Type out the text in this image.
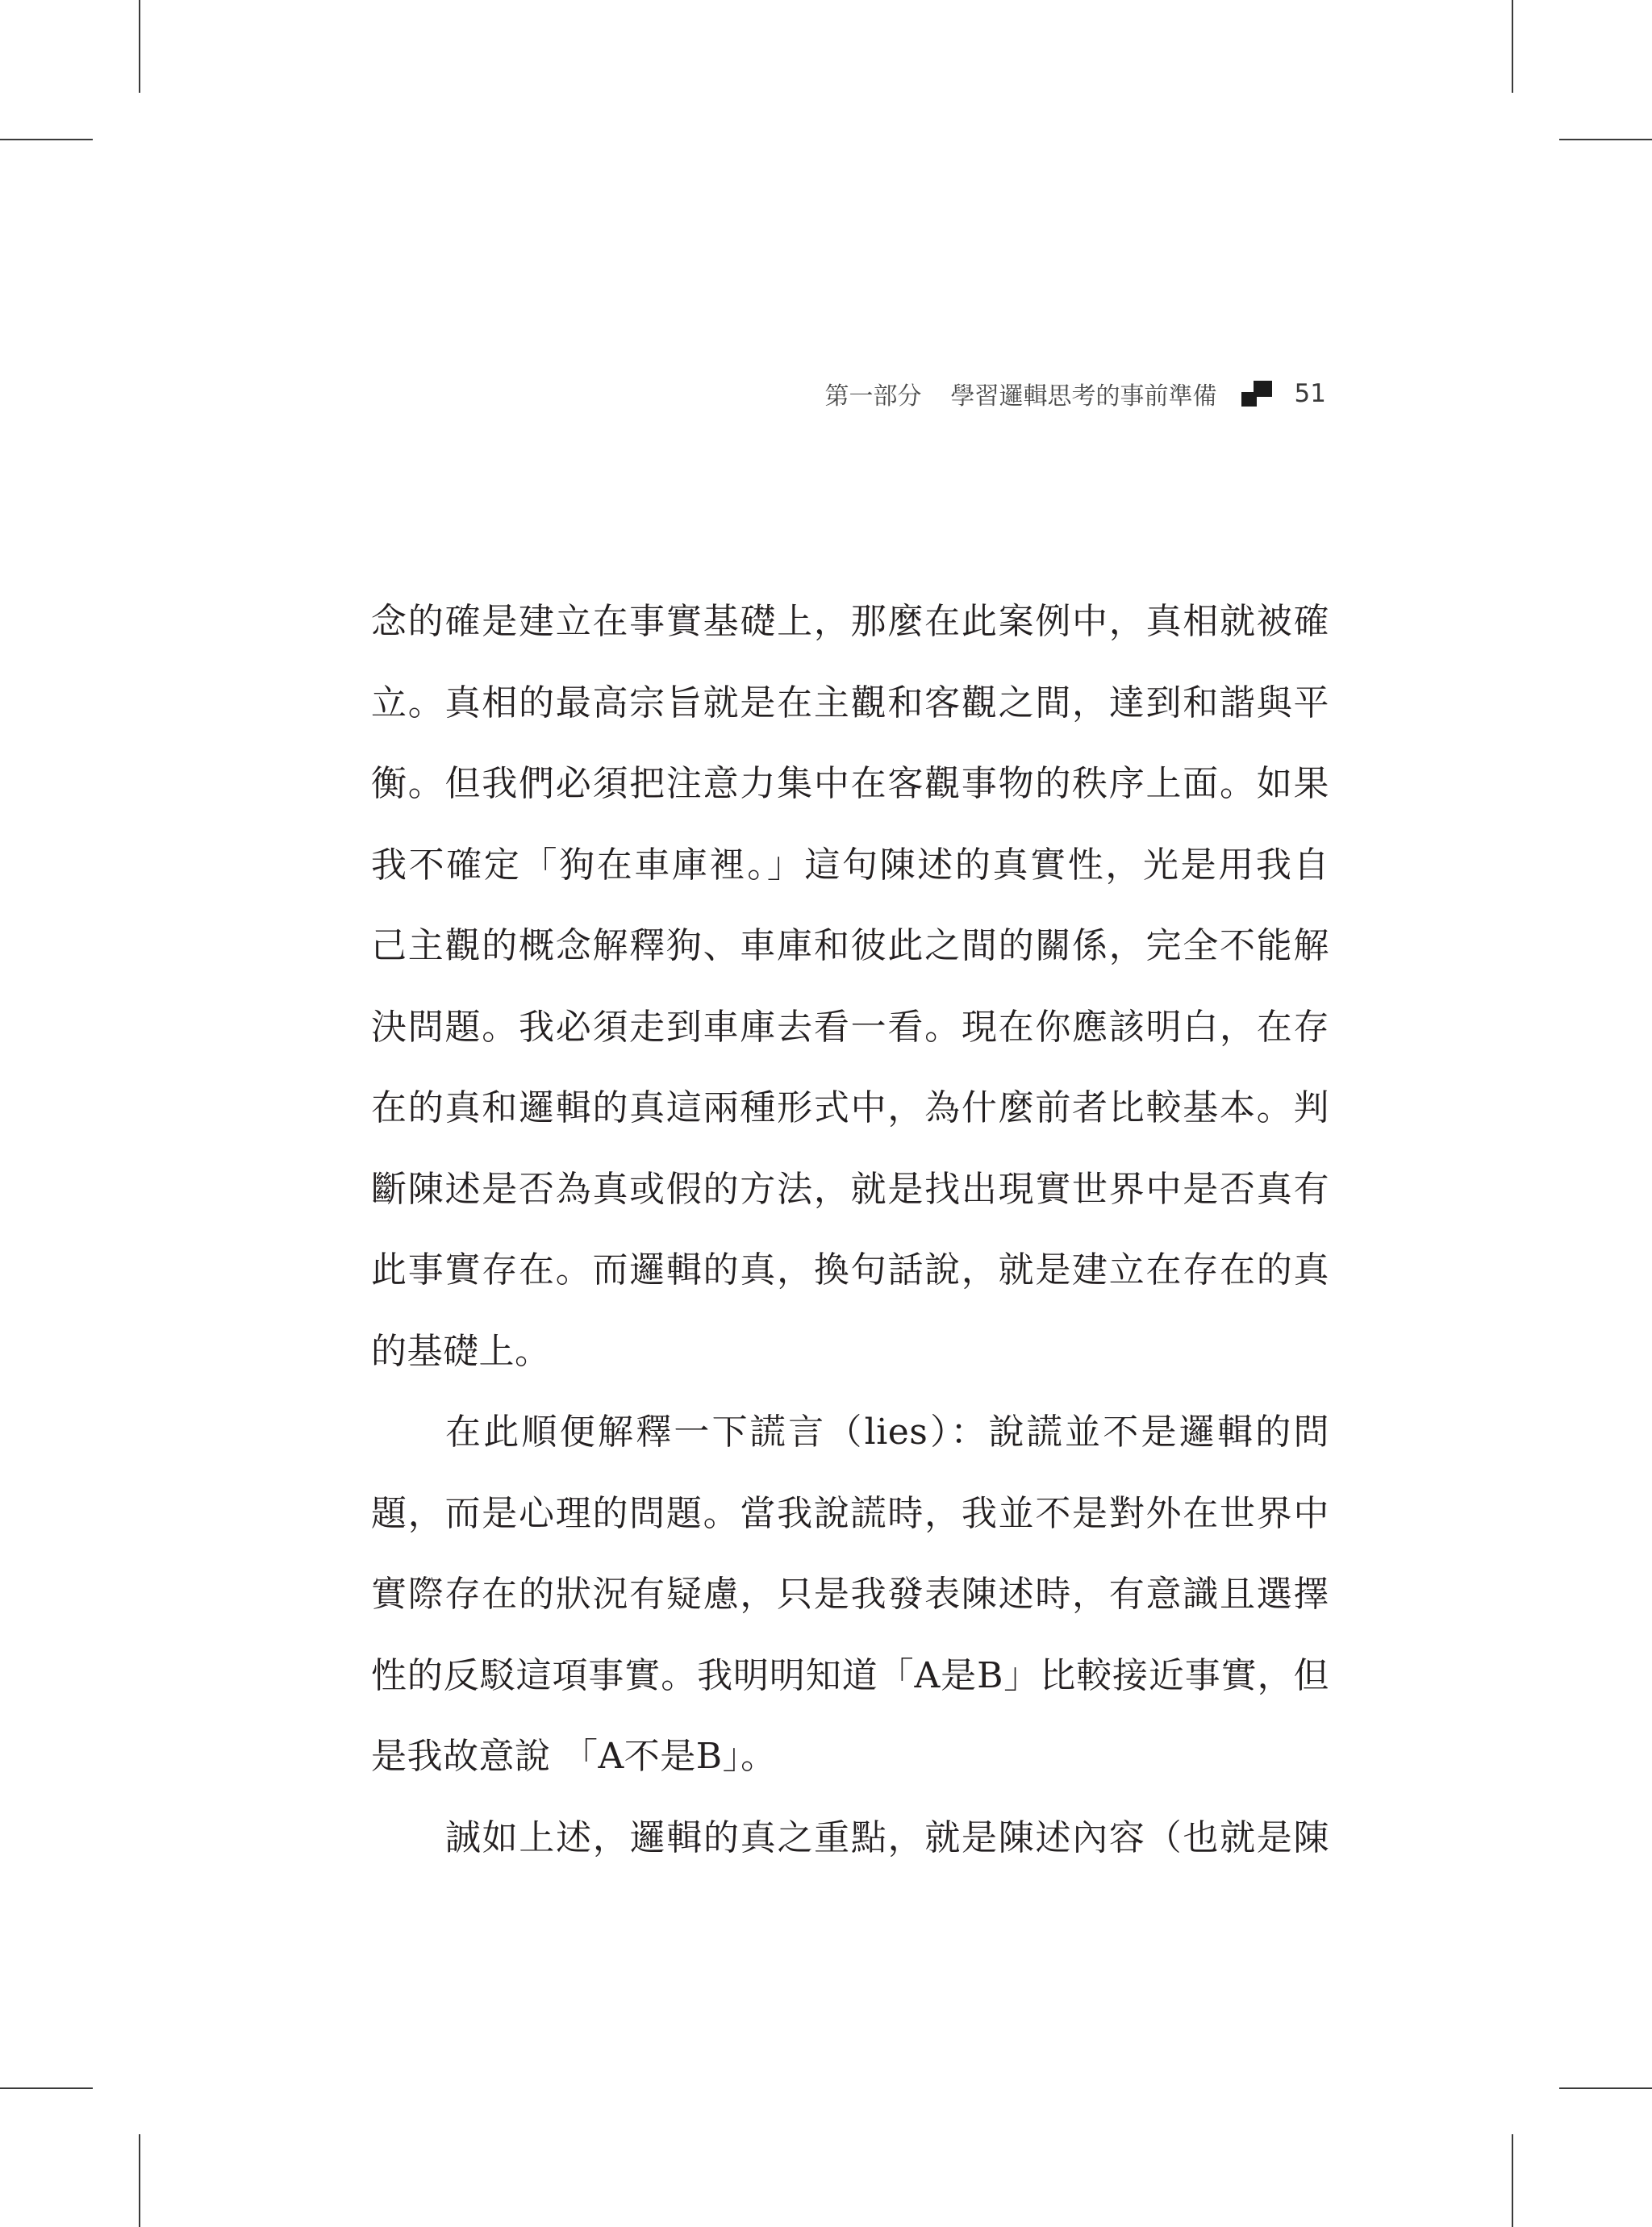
第一部分 學習邏輯思考的事前準備	51
念的確是建立在事實基礎上，那麼在此案例中，真相就被確
立。真相的最高宗旨就是在主觀和客觀之間，達到和諧與平
衡。但我們必須把注意力集中在客觀事物的秩序上面。如果
我不確定「狗在車庫裡。」這句陳述的真實性，光是用我自
己主觀的概念解釋狗、車庫和彼此之間的關係，完全不能解
決問題。我必須走到車庫去看一看。現在你應該明白，在存
在的真和邏輯的真這兩種形式中，為什麼前者比較基本。判
斷陳述是否為真或假的方法，就是找出現實世界中是否真有
此事實存在。而邏輯的真，換句話說，就是建立在存在的真
的基礎上。
在此順便解釋一下謊言（lies）：說謊並不是邏輯的問
題，而是心理的問題。當我說謊時，我並不是對外在世界中
實際存在的狀況有疑慮，只是我發表陳述時，有意識且選擇
性的反駁這項事實。我明明知道「A是B」比較接近事實，但
是我故意說 「A不是B」。
誠如上述，邏輯的真之重點，就是陳述內容（也就是陳
